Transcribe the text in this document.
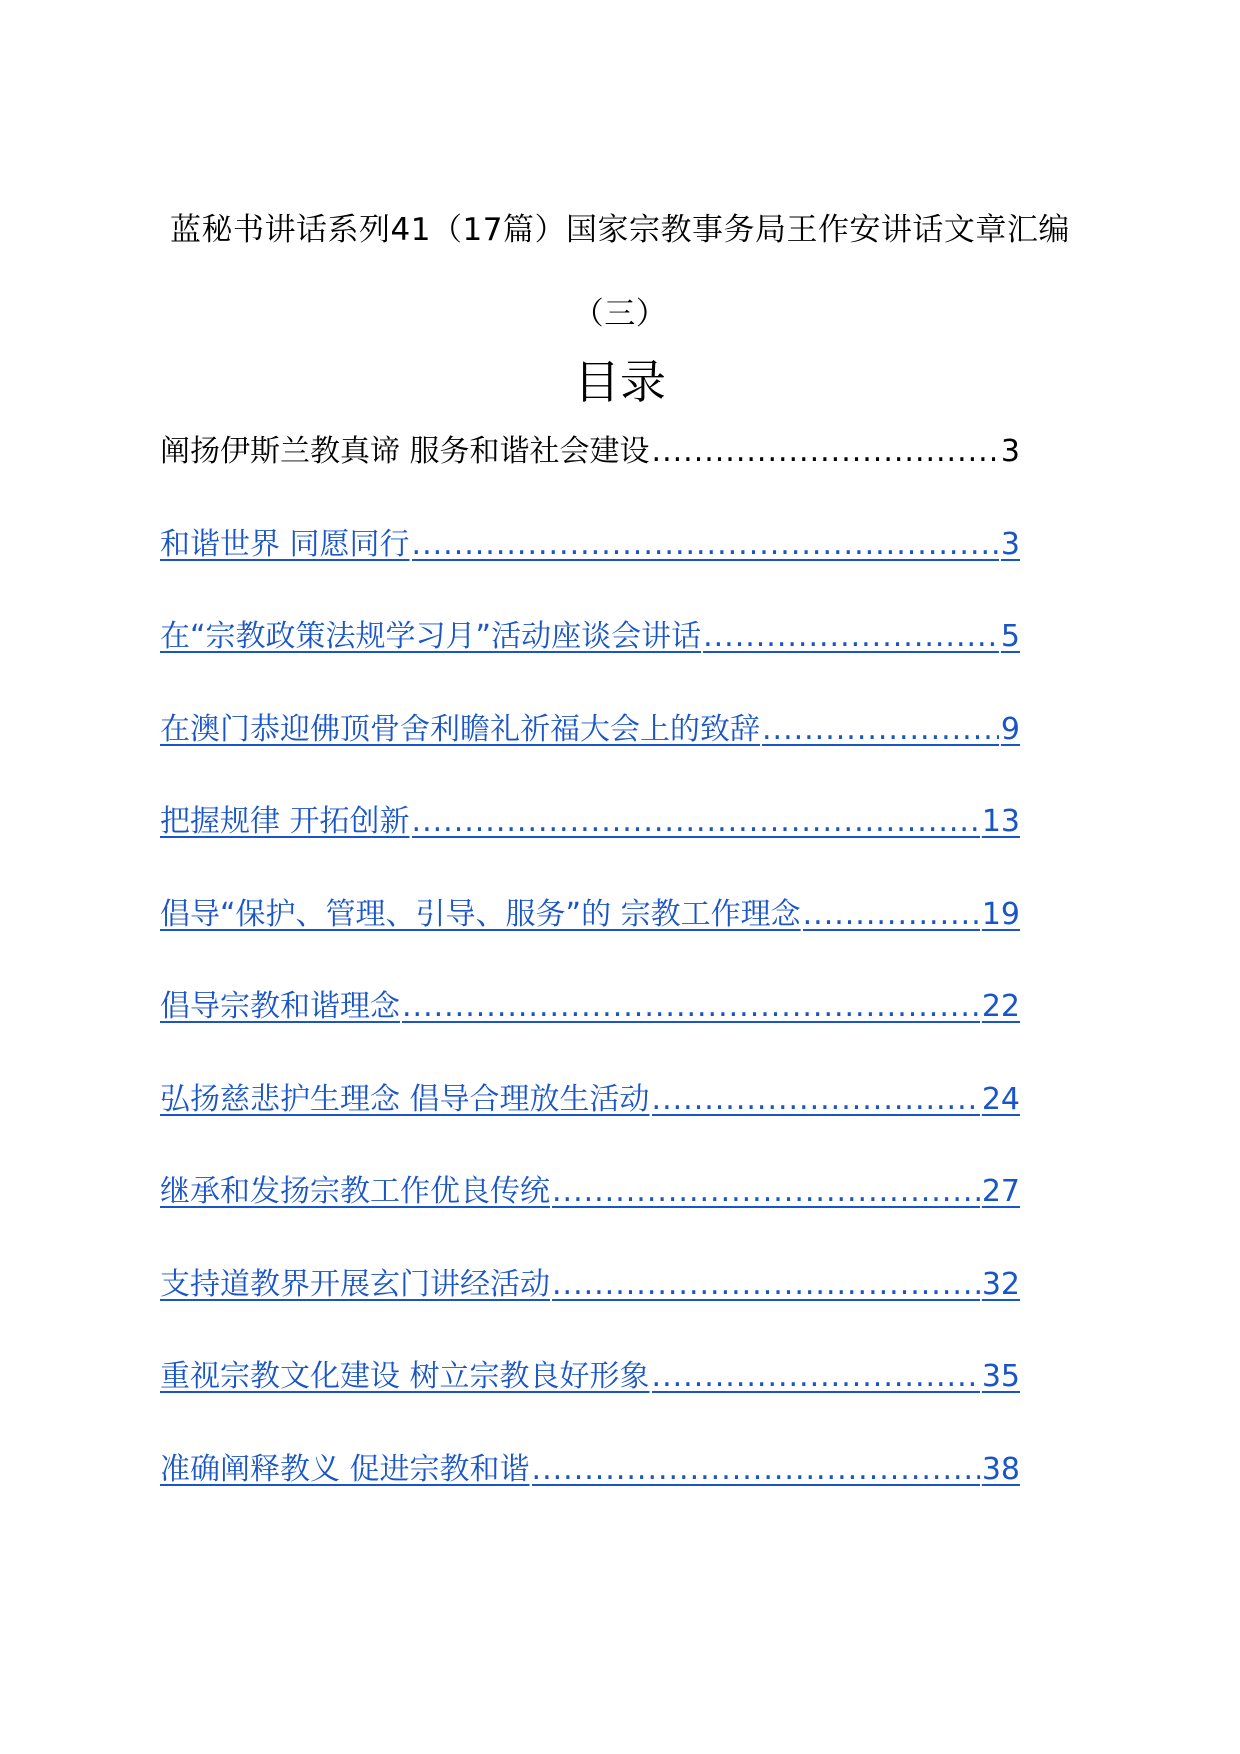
蓝秘书讲话系列41（17篇）国家宗教事务局王作安讲话文章汇编（三）
目录
阐扬伊斯兰教真谛 服务和谐社会建设 .....	3
和谐世界 同愿同行 .....	3
在“宗教政策法规学习月”活动座谈会讲话 .....	5
在澳门恭迎佛顶骨舍利瞻礼祈福大会上的致辞 .....	9
把握规律 开拓创新 .....	13
倡导“保护、管理、引导、服务”的 宗教工作理念 .....	19
倡导宗教和谐理念 .....	22
弘扬慈悲护生理念 倡导合理放生活动 .....	24
继承和发扬宗教工作优良传统 .....	27
支持道教界开展玄门讲经活动 .....	32
重视宗教文化建设 树立宗教良好形象 .....	35
准确阐释教义 促进宗教和谐 .....	38
